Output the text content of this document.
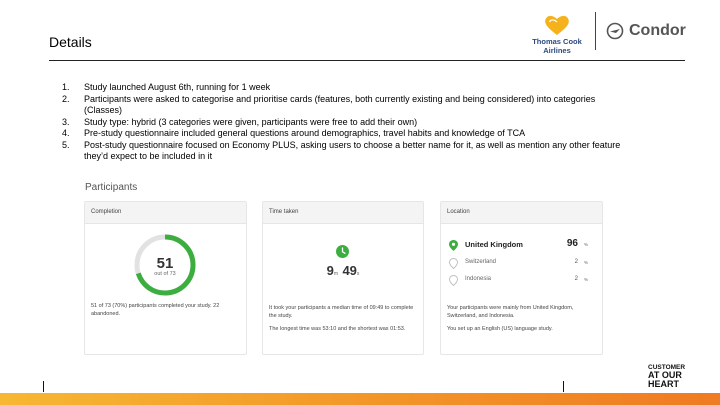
Details	Thomas Cook
Airlines
Condor
1. Study launched August 6th, running for 1 week
2. Participants were asked to categorise and prioritise cards (features, both currently existing and being considered) into categories (Classes)
3. Study type: hybrid (3 categories were given, participants were free to add their own)
4. Pre-study questionnaire included general questions around demographics, travel habits and knowledge of TCA
5. Post-study questionnaire focused on Economy PLUS, asking users to choose a better name for it, as well as mention any other feature they’d expect to be included in it
Participants
Completion
51
out of 73
51 of 73 (70%) participants completed your study. 22 abandoned.
Time taken
9m 49s
It took your participants a median time of 09:49 to complete the study.
The longest time was 53:10 and the shortest was 01:53.
Location
United Kingdom	96 %
Switzerland	2 %
Indonesia	2 %
Your participants were mainly from United Kingdom, Switzerland, and Indonesia.
You set up an English (US) language study.
CUSTOMER
AT OUR
HEART
